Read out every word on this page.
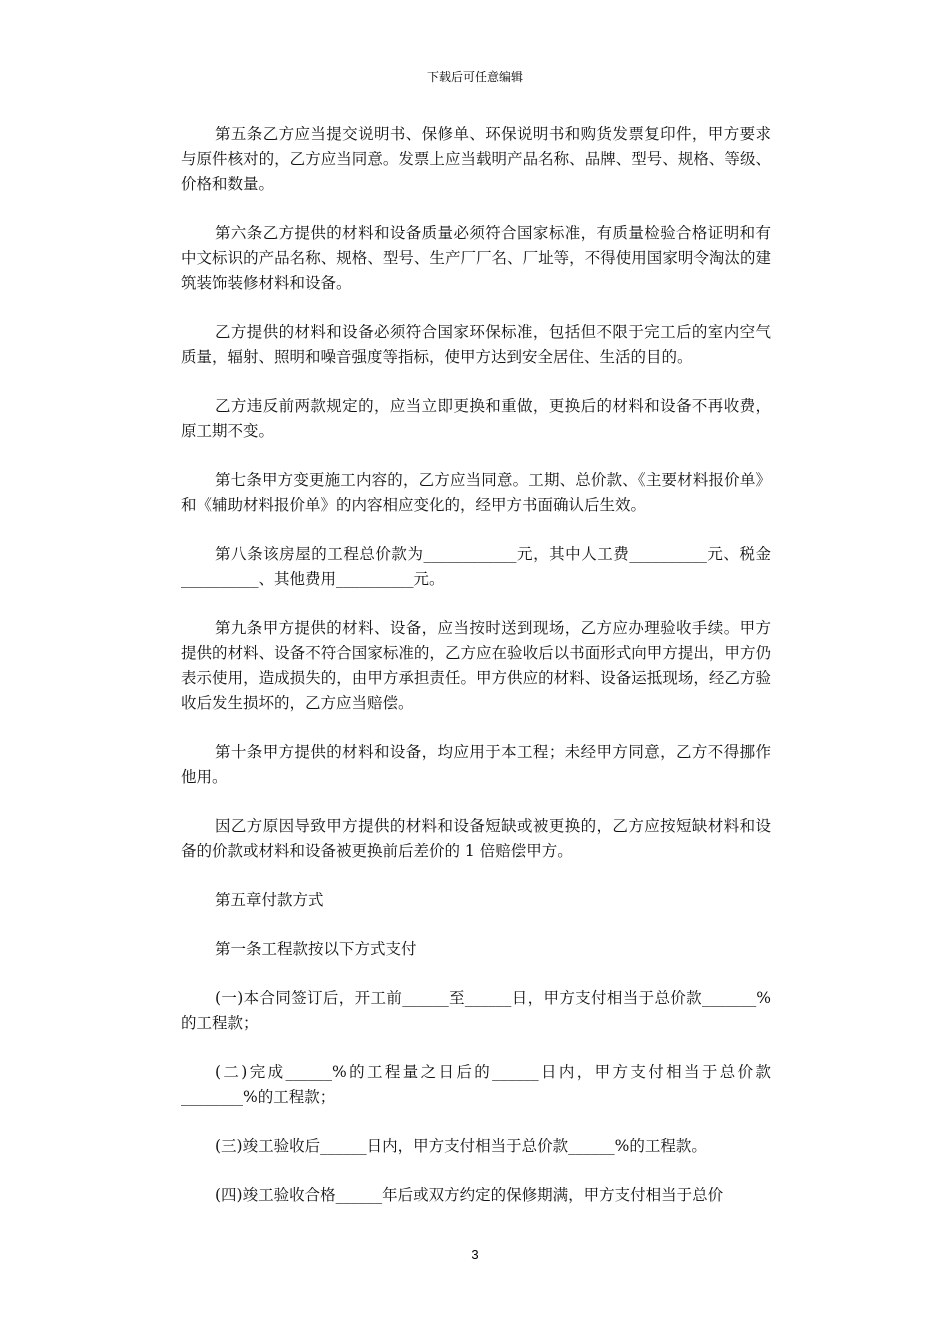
下载后可任意编辑

第五条乙方应当提交说明书、保修单、环保说明书和购货发票复印件，甲方要求与原件核对的，乙方应当同意。发票上应当载明产品名称、品牌、型号、规格、等级、价格和数量。

第六条乙方提供的材料和设备质量必须符合国家标准，有质量检验合格证明和有中文标识的产品名称、规格、型号、生产厂厂名、厂址等，不得使用国家明令淘汰的建筑装饰装修材料和设备。

乙方提供的材料和设备必须符合国家环保标准，包括但不限于完工后的室内空气质量，辐射、照明和噪音强度等指标，使甲方达到安全居住、生活的目的。

乙方违反前两款规定的，应当立即更换和重做，更换后的材料和设备不再收费，原工期不变。

第七条甲方变更施工内容的，乙方应当同意。工期、总价款、《主要材料报价单》和《辅助材料报价单》的内容相应变化的，经甲方书面确认后生效。

第八条该房屋的工程总价款为____________元，其中人工费__________元、税金__________、其他费用__________元。

第九条甲方提供的材料、设备，应当按时送到现场，乙方应办理验收手续。甲方提供的材料、设备不符合国家标准的，乙方应在验收后以书面形式向甲方提出，甲方仍表示使用，造成损失的，由甲方承担责任。甲方供应的材料、设备运抵现场，经乙方验收后发生损坏的，乙方应当赔偿。

第十条甲方提供的材料和设备，均应用于本工程；未经甲方同意，乙方不得挪作他用。

因乙方原因导致甲方提供的材料和设备短缺或被更换的，乙方应按短缺材料和设备的价款或材料和设备被更换前后差价的 1 倍赔偿甲方。

第五章付款方式

第一条工程款按以下方式支付

(一)本合同签订后，开工前______至______日，甲方支付相当于总价款_______%的工程款；

(二)完成______%的工程量之日后的______日内，甲方支付相当于总价款________%的工程款；

(三)竣工验收后______日内，甲方支付相当于总价款______%的工程款。

(四)竣工验收合格______年后或双方约定的保修期满，甲方支付相当于总价

3
